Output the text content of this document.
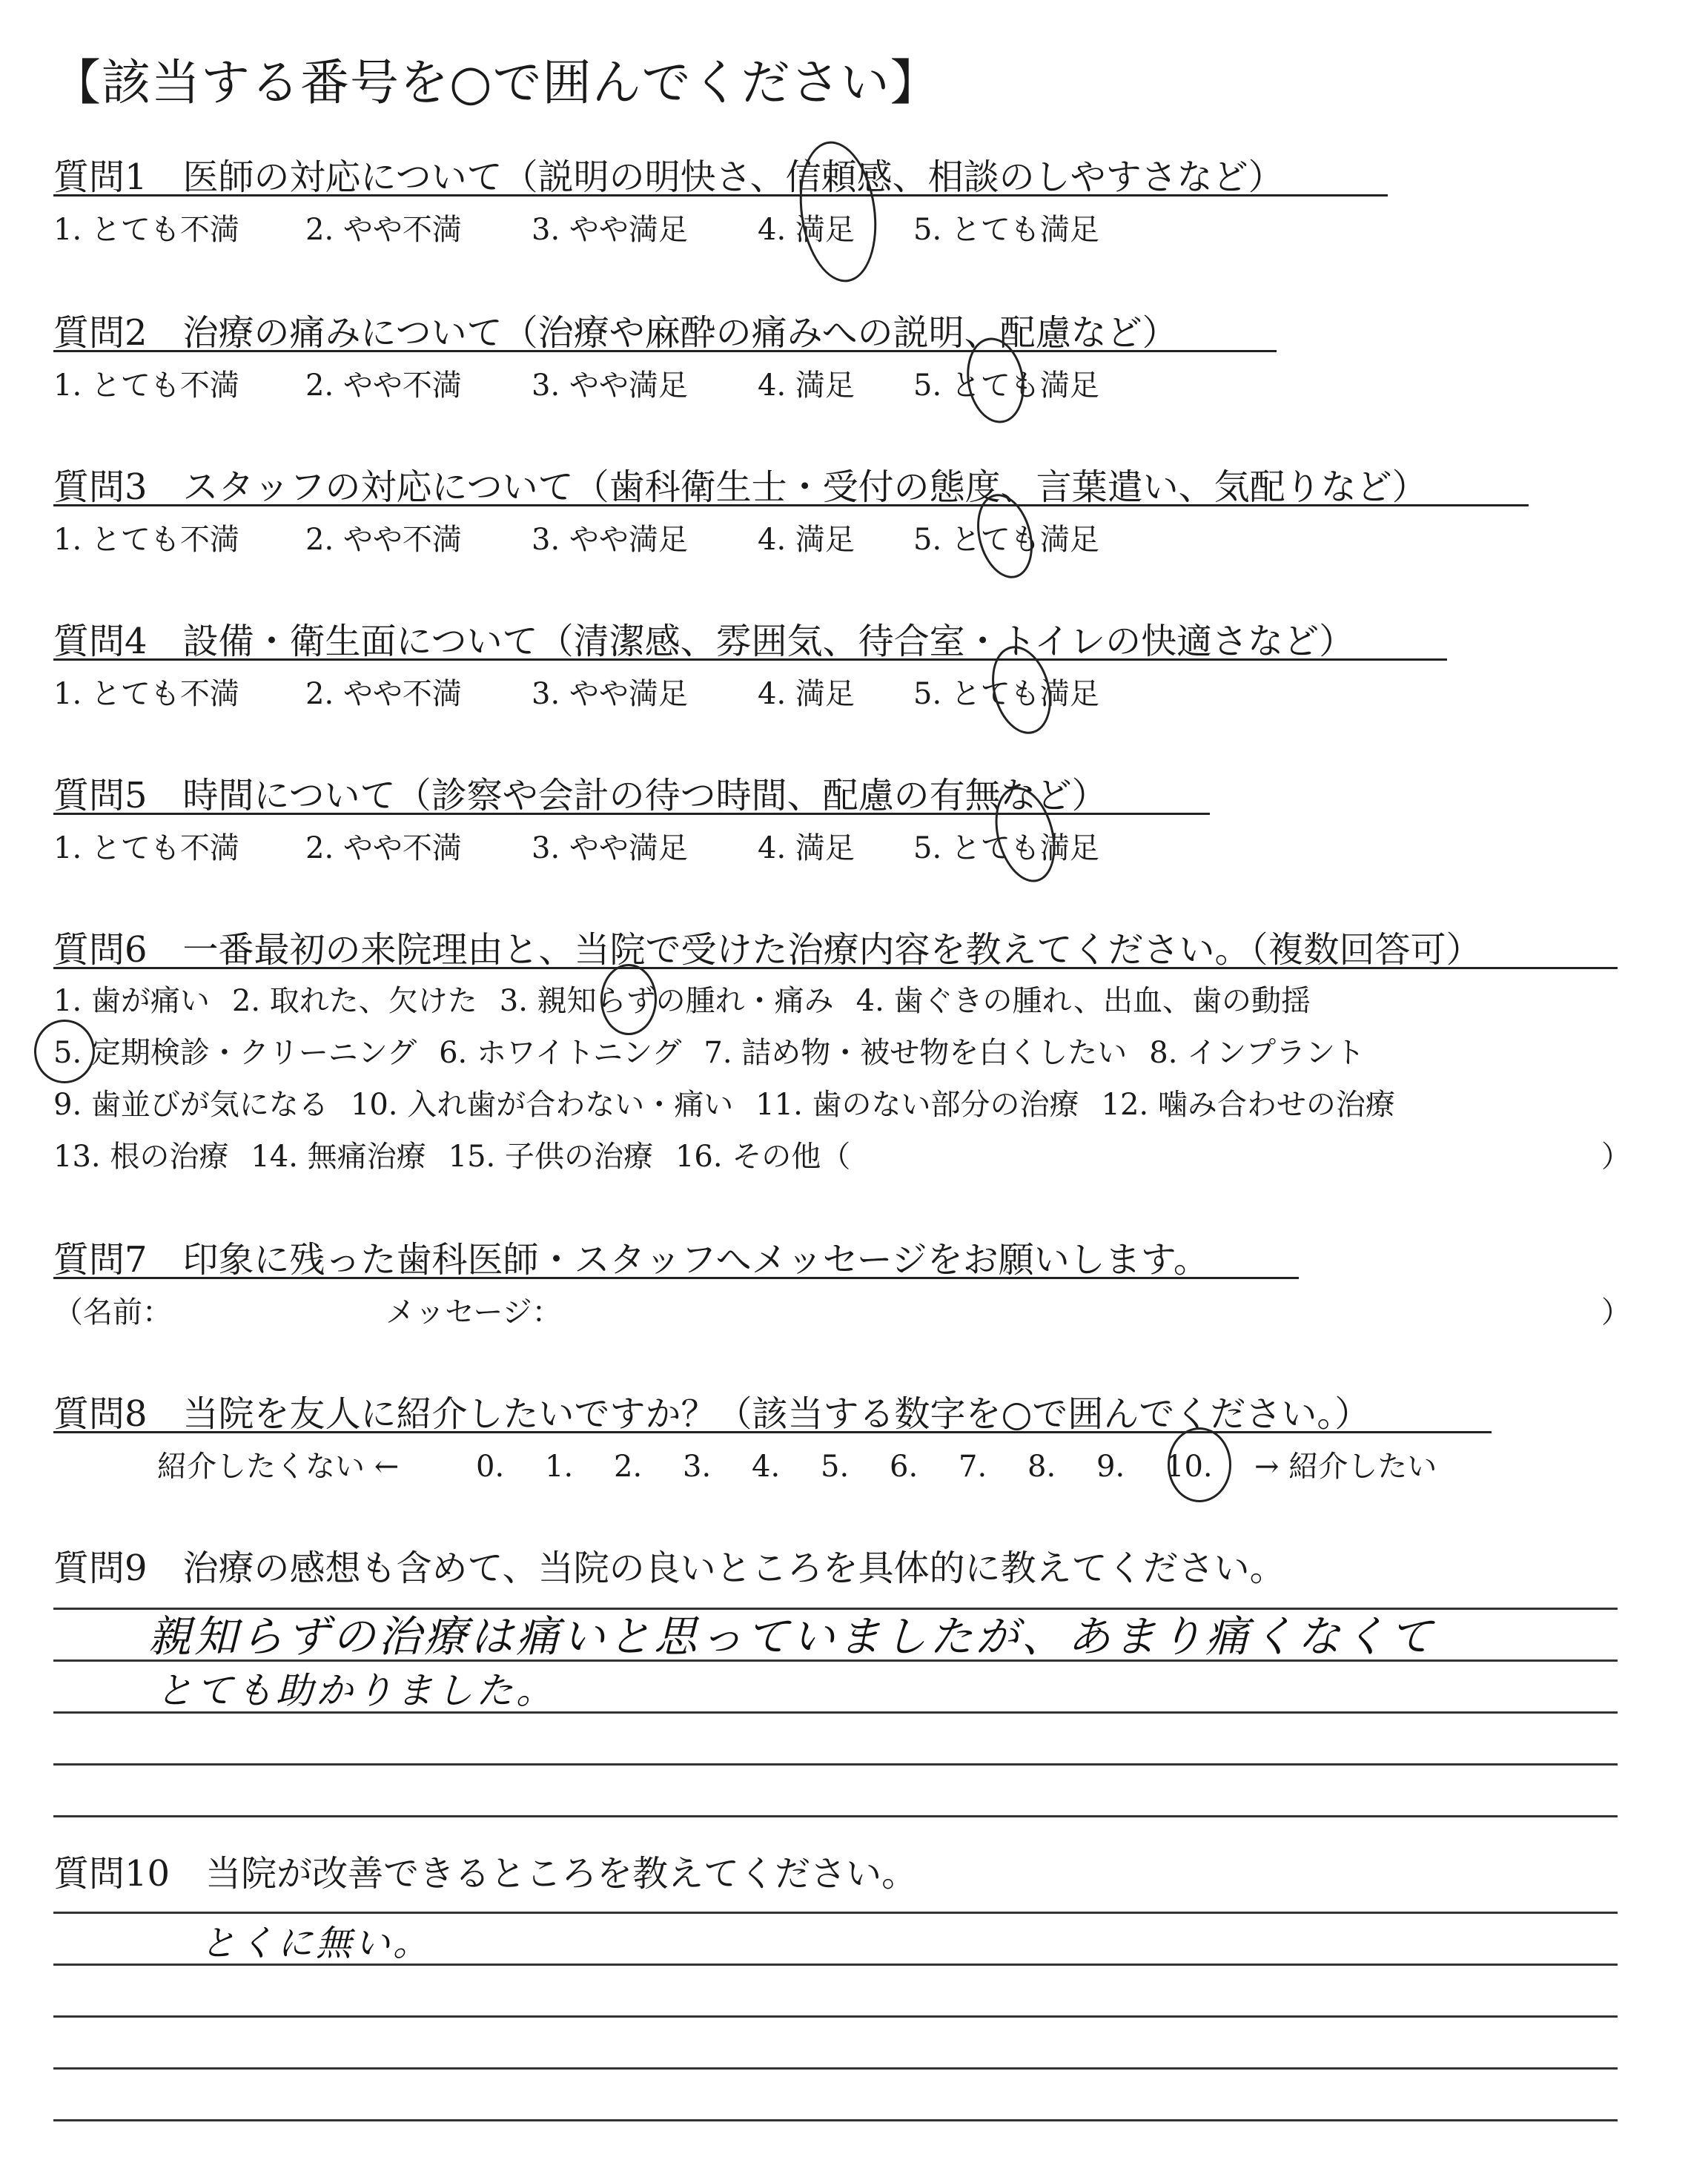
【該当する番号を○で囲んでください】
質問1　医師の対応について（説明の明快さ、信頼感、相談のしやすさなど）
1. とても不満 2. やや不満 3. やや満足 4. 満足 5. とても満足
質問2　治療の痛みについて（治療や麻酔の痛みへの説明、配慮など）
1. とても不満 2. やや不満 3. やや満足 4. 満足 5. とても満足
質問3　スタッフの対応について（歯科衛生士・受付の態度、言葉遣い、気配りなど）
1. とても不満 2. やや不満 3. やや満足 4. 満足 5. とても満足
質問4　設備・衛生面について（清潔感、雰囲気、待合室・トイレの快適さなど）
1. とても不満 2. やや不満 3. やや満足 4. 満足 5. とても満足
質問5　時間について（診察や会計の待つ時間、配慮の有無など）
1. とても不満 2. やや不満 3. やや満足 4. 満足 5. とても満足
質問6　一番最初の来院理由と、当院で受けた治療内容を教えてください。（複数回答可）
1. 歯が痛い 2. 取れた、欠けた 3. 親知らずの腫れ・痛み 4. 歯ぐきの腫れ、出血、歯の動揺
5. 定期検診・クリーニング 6. ホワイトニング 7. 詰め物・被せ物を白くしたい 8. インプラント
9. 歯並びが気になる 10. 入れ歯が合わない・痛い 11. 歯のない部分の治療 12. 噛み合わせの治療
13. 根の治療 14. 無痛治療 15. 子供の治療 16. その他（	）
質問7　印象に残った歯科医師・スタッフへメッセージをお願いします。
（名前：	メッセージ：	）
質問8　当院を友人に紹介したいですか？（該当する数字を○で囲んでください。）
紹介したくない ←	0. 1. 2. 3. 4. 5. 6. 7. 8. 9. 10. → 紹介したい
質問9　治療の感想も含めて、当院の良いところを具体的に教えてください。
親知らずの治療は痛いと思っていましたが、あまり痛くなくて
とても助かりました。
質問10　当院が改善できるところを教えてください。
とくに無い。
